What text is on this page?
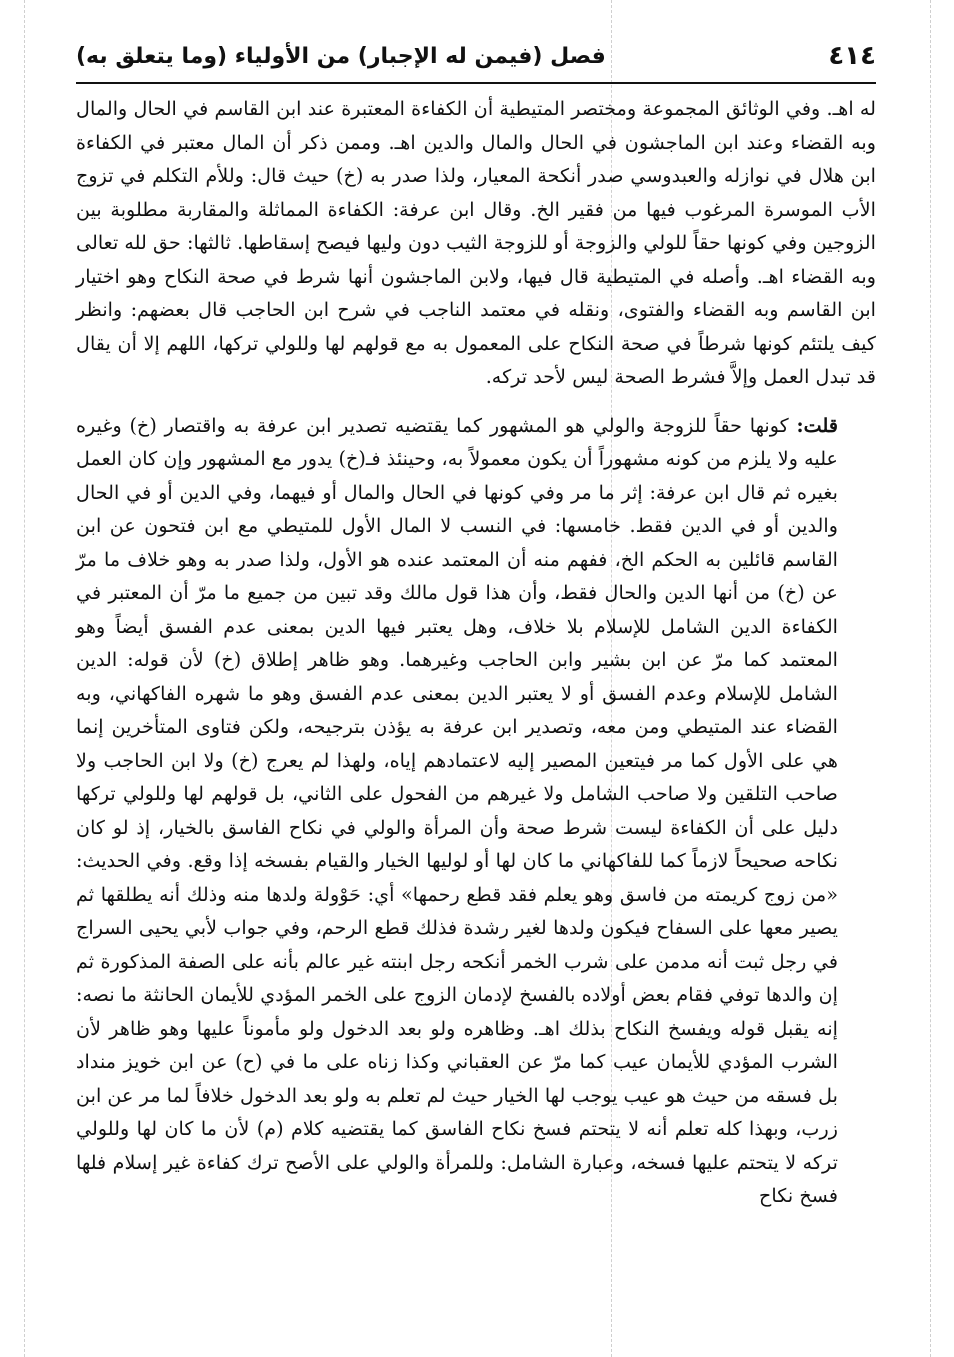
٤١٤
فصل (فيمن له الإجبار) من الأولياء (وما يتعلق به)

له اهـ. وفي الوثائق المجموعة ومختصر المتيطية أن الكفاءة المعتبرة عند ابن القاسم في الحال والمال وبه القضاء وعند ابن الماجشون في الحال والمال والدين اهـ. وممن ذكر أن المال معتبر في الكفاءة ابن هلال في نوازله والعبدوسي صدر أنكحة المعيار، ولذا صدر به (خ) حيث قال: وللأم التكلم في تزوج الأب الموسرة المرغوب فيها من فقير الخ. وقال ابن عرفة: الكفاءة المماثلة والمقاربة مطلوبة بين الزوجين وفي كونها حقاً للولي والزوجة أو للزوجة الثيب دون وليها فيصح إسقاطها. ثالثها: حق لله تعالى وبه القضاء اهـ. وأصله في المتيطية قال فيها، ولابن الماجشون أنها شرط في صحة النكاح وهو اختيار ابن القاسم وبه القضاء والفتوى، ونقله في معتمد الناجب في شرح ابن الحاجب قال بعضهم: وانظر كيف يلتئم كونها شرطاً في صحة النكاح على المعمول به مع قولهم لها وللولي تركها، اللهم إلا أن يقال قد تبدل العمل وإلاَّ فشرط الصحة ليس لأحد تركه.

قلت: كونها حقاً للزوجة والولي هو المشهور كما يقتضيه تصدير ابن عرفة به واقتصار (خ) وغيره عليه ولا يلزم من كونه مشهوراً أن يكون معمولاً به، وحينئذ فـ(خ) يدور مع المشهور وإن كان العمل بغيره ثم قال ابن عرفة: إثر ما مر وفي كونها في الحال والمال أو فيهما، وفي الدين أو في الحال والدين أو في الدين فقط. خامسها: في النسب لا المال الأول للمتيطي مع ابن فتحون عن ابن القاسم قائلين به الحكم الخ، ففهم منه أن المعتمد عنده هو الأول، ولذا صدر به وهو خلاف ما مرّ عن (خ) من أنها الدين والحال فقط، وأن هذا قول مالك وقد تبين من جميع ما مرّ أن المعتبر في الكفاءة الدين الشامل للإسلام بلا خلاف، وهل يعتبر فيها الدين بمعنى عدم الفسق أيضاً وهو المعتمد كما مرّ عن ابن بشير وابن الحاجب وغيرهما. وهو ظاهر إطلاق (خ) لأن قوله: الدين الشامل للإسلام وعدم الفسق أو لا يعتبر الدين بمعنى عدم الفسق وهو ما شهره الفاكهاني، وبه القضاء عند المتيطي ومن معه، وتصدير ابن عرفة به يؤذن بترجيحه، ولكن فتاوى المتأخرين إنما هي على الأول كما مر فيتعين المصير إليه لاعتمادهم إياه، ولهذا لم يعرج (خ) ولا ابن الحاجب ولا صاحب التلقين ولا صاحب الشامل ولا غيرهم من الفحول على الثاني، بل قولهم لها وللولي تركها دليل على أن الكفاءة ليست شرط صحة وأن المرأة والولي في نكاح الفاسق بالخيار، إذ لو كان نكاحه صحيحاً لازماً كما للفاكهاني ما كان لها أو لوليها الخيار والقيام بفسخه إذا وقع. وفي الحديث: «من زوج كريمته من فاسق وهو يعلم فقد قطع رحمها» أي: حَوْولة ولدها منه وذلك أنه يطلقها ثم يصير معها على السفاح فيكون ولدها لغير رشدة فذلك قطع الرحم، وفي جواب لأبي يحيى السراج في رجل ثبت أنه مدمن على شرب الخمر أنكحه رجل ابنته غير عالم بأنه على الصفة المذكورة ثم إن والدها توفي فقام بعض أولاده بالفسخ لإدمان الزوج على الخمر المؤدي للأيمان الحانثة ما نصه: إنه يقبل قوله ويفسخ النكاح بذلك اهـ. وظاهره ولو بعد الدخول ولو مأموناً عليها وهو ظاهر لأن الشرب المؤدي للأيمان عيب كما مرّ عن العقباني وكذا زناه على ما في (ح) عن ابن خويز منداد بل فسقه من حيث هو عيب يوجب لها الخيار حيث لم تعلم به ولو بعد الدخول خلافاً لما مر عن ابن زرب، وبهذا كله تعلم أنه لا يتحتم فسخ نكاح الفاسق كما يقتضيه كلام (م) لأن ما كان لها وللولي تركه لا يتحتم عليها فسخه، وعبارة الشامل: وللمرأة والولي على الأصح ترك كفاءة غير إسلام فلها فسخ نكاح
